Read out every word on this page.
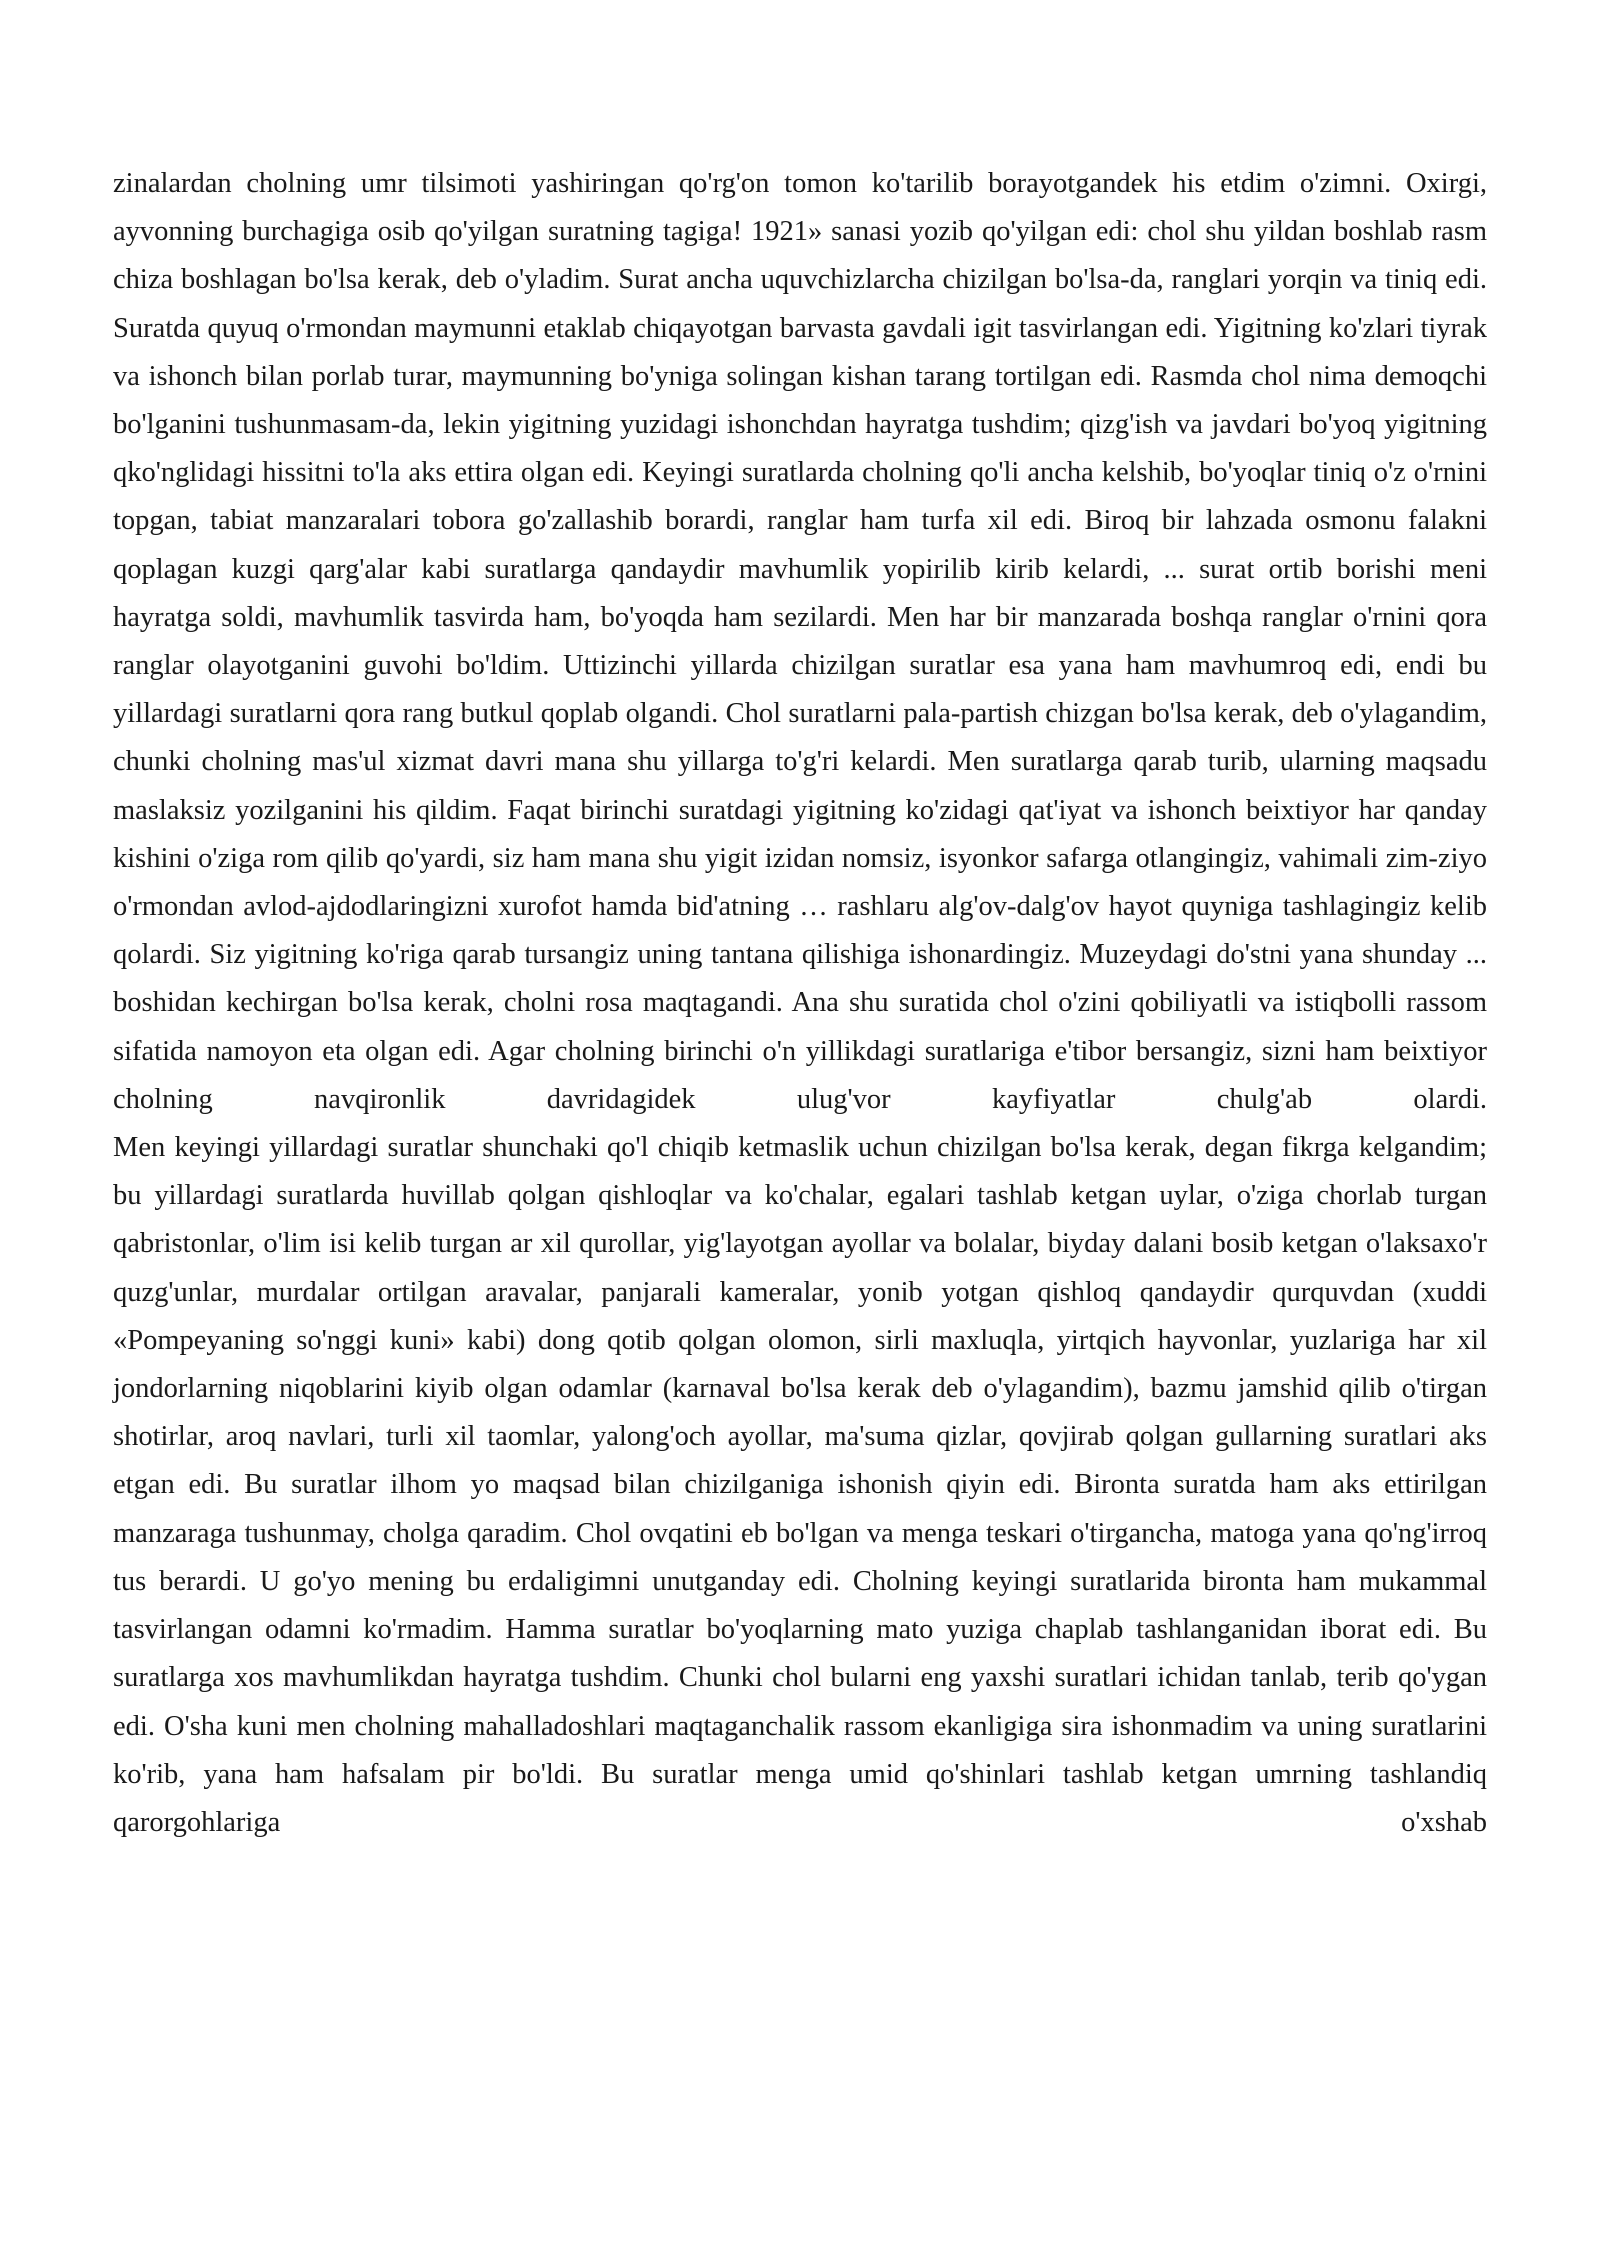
zinalardan cholning umr tilsimoti yashiringan qo'rg'on tomon ko'tarilib borayotgandek his etdim o'zimni. Oxirgi, ayvonning burchagiga osib qo'yilgan suratning tagiga! 1921» sanasi yozib qo'yilgan edi: chol shu yildan boshlab rasm chiza boshlagan bo'lsa kerak, deb o'yladim. Surat ancha uquvchizlarcha chizilgan bo'lsa-da, ranglari yorqin va tiniq edi. Suratda quyuq o'rmondan maymunni etaklab chiqayotgan barvasta gavdali igit tasvirlangan edi. Yigitning ko'zlari tiyrak va ishonch bilan porlab turar, maymunning bo'yniga solingan kishan tarang tortilgan edi. Rasmda chol nima demoqchi bo'lganini tushunmasam-da, lekin yigitning yuzidagi ishonchdan hayratga tushdim; qizg'ish va javdari bo'yoq yigitning qko'nglidagi hissitni to'la aks ettira olgan edi. Keyingi suratlarda cholning qo'li ancha kelshib, bo'yoqlar tiniq o'z o'rnini topgan, tabiat manzaralari tobora go'zallashib borardi, ranglar ham turfa xil edi. Biroq bir lahzada osmonu falakni qoplagan kuzgi qarg'alar kabi suratlarga qandaydir mavhumlik yopirilib kirib kelardi, ... surat ortib borishi meni hayratga soldi, mavhumlik tasvirda ham, bo'yoqda ham sezilardi. Men har bir manzarada boshqa ranglar o'rnini qora ranglar olayotganini guvohi bo'ldim. Uttizinchi yillarda chizilgan suratlar esa yana ham mavhumroq edi, endi bu yillardagi suratlarni qora rang butkul qoplab olgandi. Chol suratlarni pala-partish chizgan bo'lsa kerak, deb o'ylagandim, chunki cholning mas'ul xizmat davri mana shu yillarga to'g'ri kelardi. Men suratlarga qarab turib, ularning maqsadu maslaksiz yozilganini his qildim. Faqat birinchi suratdagi yigitning ko'zidagi qat'iyat va ishonch beixtiyor har qanday kishini o'ziga rom qilib qo'yardi, siz ham mana shu yigit izidan nomsiz, isyonkor safarga otlangingiz, vahimali zim-ziyo o'rmondan avlod-ajdodlaringizni xurofot hamda bid'atning … rashlaru alg'ov-dalg'ov hayot quyniga tashlagingiz kelib qolardi. Siz yigitning ko'riga qarab tursangiz uning tantana qilishiga ishonardingiz. Muzeydagi do'stni yana shunday ... boshidan kechirgan bo'lsa kerak, cholni rosa maqtagandi. Ana shu suratida chol o'zini qobiliyatli va istiqbolli rassom sifatida namoyon eta olgan edi. Agar cholning birinchi o'n yillikdagi suratlariga e'tibor bersangiz, sizni ham beixtiyor cholning navqironlik davridagidek ulug'vor kayfiyatlar chulg'ab olardi.

Men keyingi yillardagi suratlar shunchaki qo'l chiqib ketmaslik uchun chizilgan bo'lsa kerak, degan fikrga kelgandim; bu yillardagi suratlarda huvillab qolgan qishloqlar va ko'chalar, egalari tashlab ketgan uylar, o'ziga chorlab turgan qabristonlar, o'lim isi kelib turgan ar xil qurollar, yig'layotgan ayollar va bolalar, biyday dalani bosib ketgan o'laksaxo'r quzg'unlar, murdalar ortilgan aravalar, panjarali kameralar, yonib yotgan qishloq qandaydir qurquvdan (xuddi «Pompeyaning so'nggi kuni» kabi) dong qotib qolgan olomon, sirli maxluqla, yirtqich hayvonlar, yuzlariga har xil jondorlarning niqoblarini kiyib olgan odamlar (karnaval bo'lsa kerak deb o'ylagandim), bazmu jamshid qilib o'tirgan shotirlar, aroq navlari, turli xil taomlar, yalong'och ayollar, ma'suma qizlar, qovjirab qolgan gullarning suratlari aks etgan edi. Bu suratlar ilhom yo maqsad bilan chizilganiga ishonish qiyin edi. Bironta suratda ham aks ettirilgan manzaraga tushunmay, cholga qaradim. Chol ovqatini eb bo'lgan va menga teskari o'tirgancha, matoga yana qo'ng'irroq tus berardi. U go'yo mening bu erdaligimni unutganday edi. Cholning keyingi suratlarida bironta ham mukammal tasvirlangan odamni ko'rmadim. Hamma suratlar bo'yoqlarning mato yuziga chaplab tashlanganidan iborat edi. Bu suratlarga xos mavhumlikdan hayratga tushdim. Chunki chol bularni eng yaxshi suratlari ichidan tanlab, terib qo'ygan edi. O'sha kuni men cholning mahalladoshlari maqtaganchalik rassom ekanligiga sira ishonmadim va uning suratlarini ko'rib, yana ham hafsalam pir bo'ldi. Bu suratlar menga umid qo'shinlari tashlab ketgan umrning tashlandiq qarorgohlariga o'xshab
